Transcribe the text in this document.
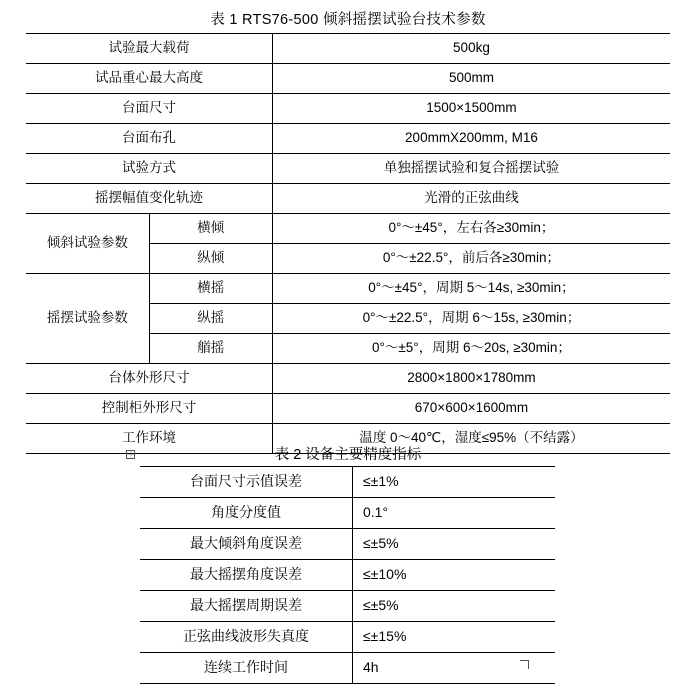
表 1 RTS76-500 倾斜摇摆试验台技术参数
试验最大载荷		500kg
试品重心最大高度		500mm
台面尺寸		1500×1500mm
台面布孔		200mmX200mm, M16
试验方式		单独摇摆试验和复合摇摆试验
摇摆幅值变化轨迹		光滑的正弦曲线
倾斜试验参数	横倾	0°～±45°，左右各≥30min；
	纵倾	0°～±22.5°，前后各≥30min；
摇摆试验参数	横摇	0°～±45°，周期 5～14s, ≥30min；
	纵摇	0°～±22.5°，周期 6～15s, ≥30min；
	艏摇	0°～±5°，周期 6～20s, ≥30min；
台体外形尺寸		2800×1800×1780mm
控制柜外形尺寸		670×600×1600mm
工作环境		温度 0～40℃，湿度≤95%（不结露）
表 2 设备主要精度指标
＋
台面尺寸示值误差	≤±1%
角度分度值	0.1°
最大倾斜角度误差	≤±5%
最大摇摆角度误差	≤±10%
最大摇摆周期误差	≤±5%
正弦曲线波形失真度	≤±15%
连续工作时间	4h
